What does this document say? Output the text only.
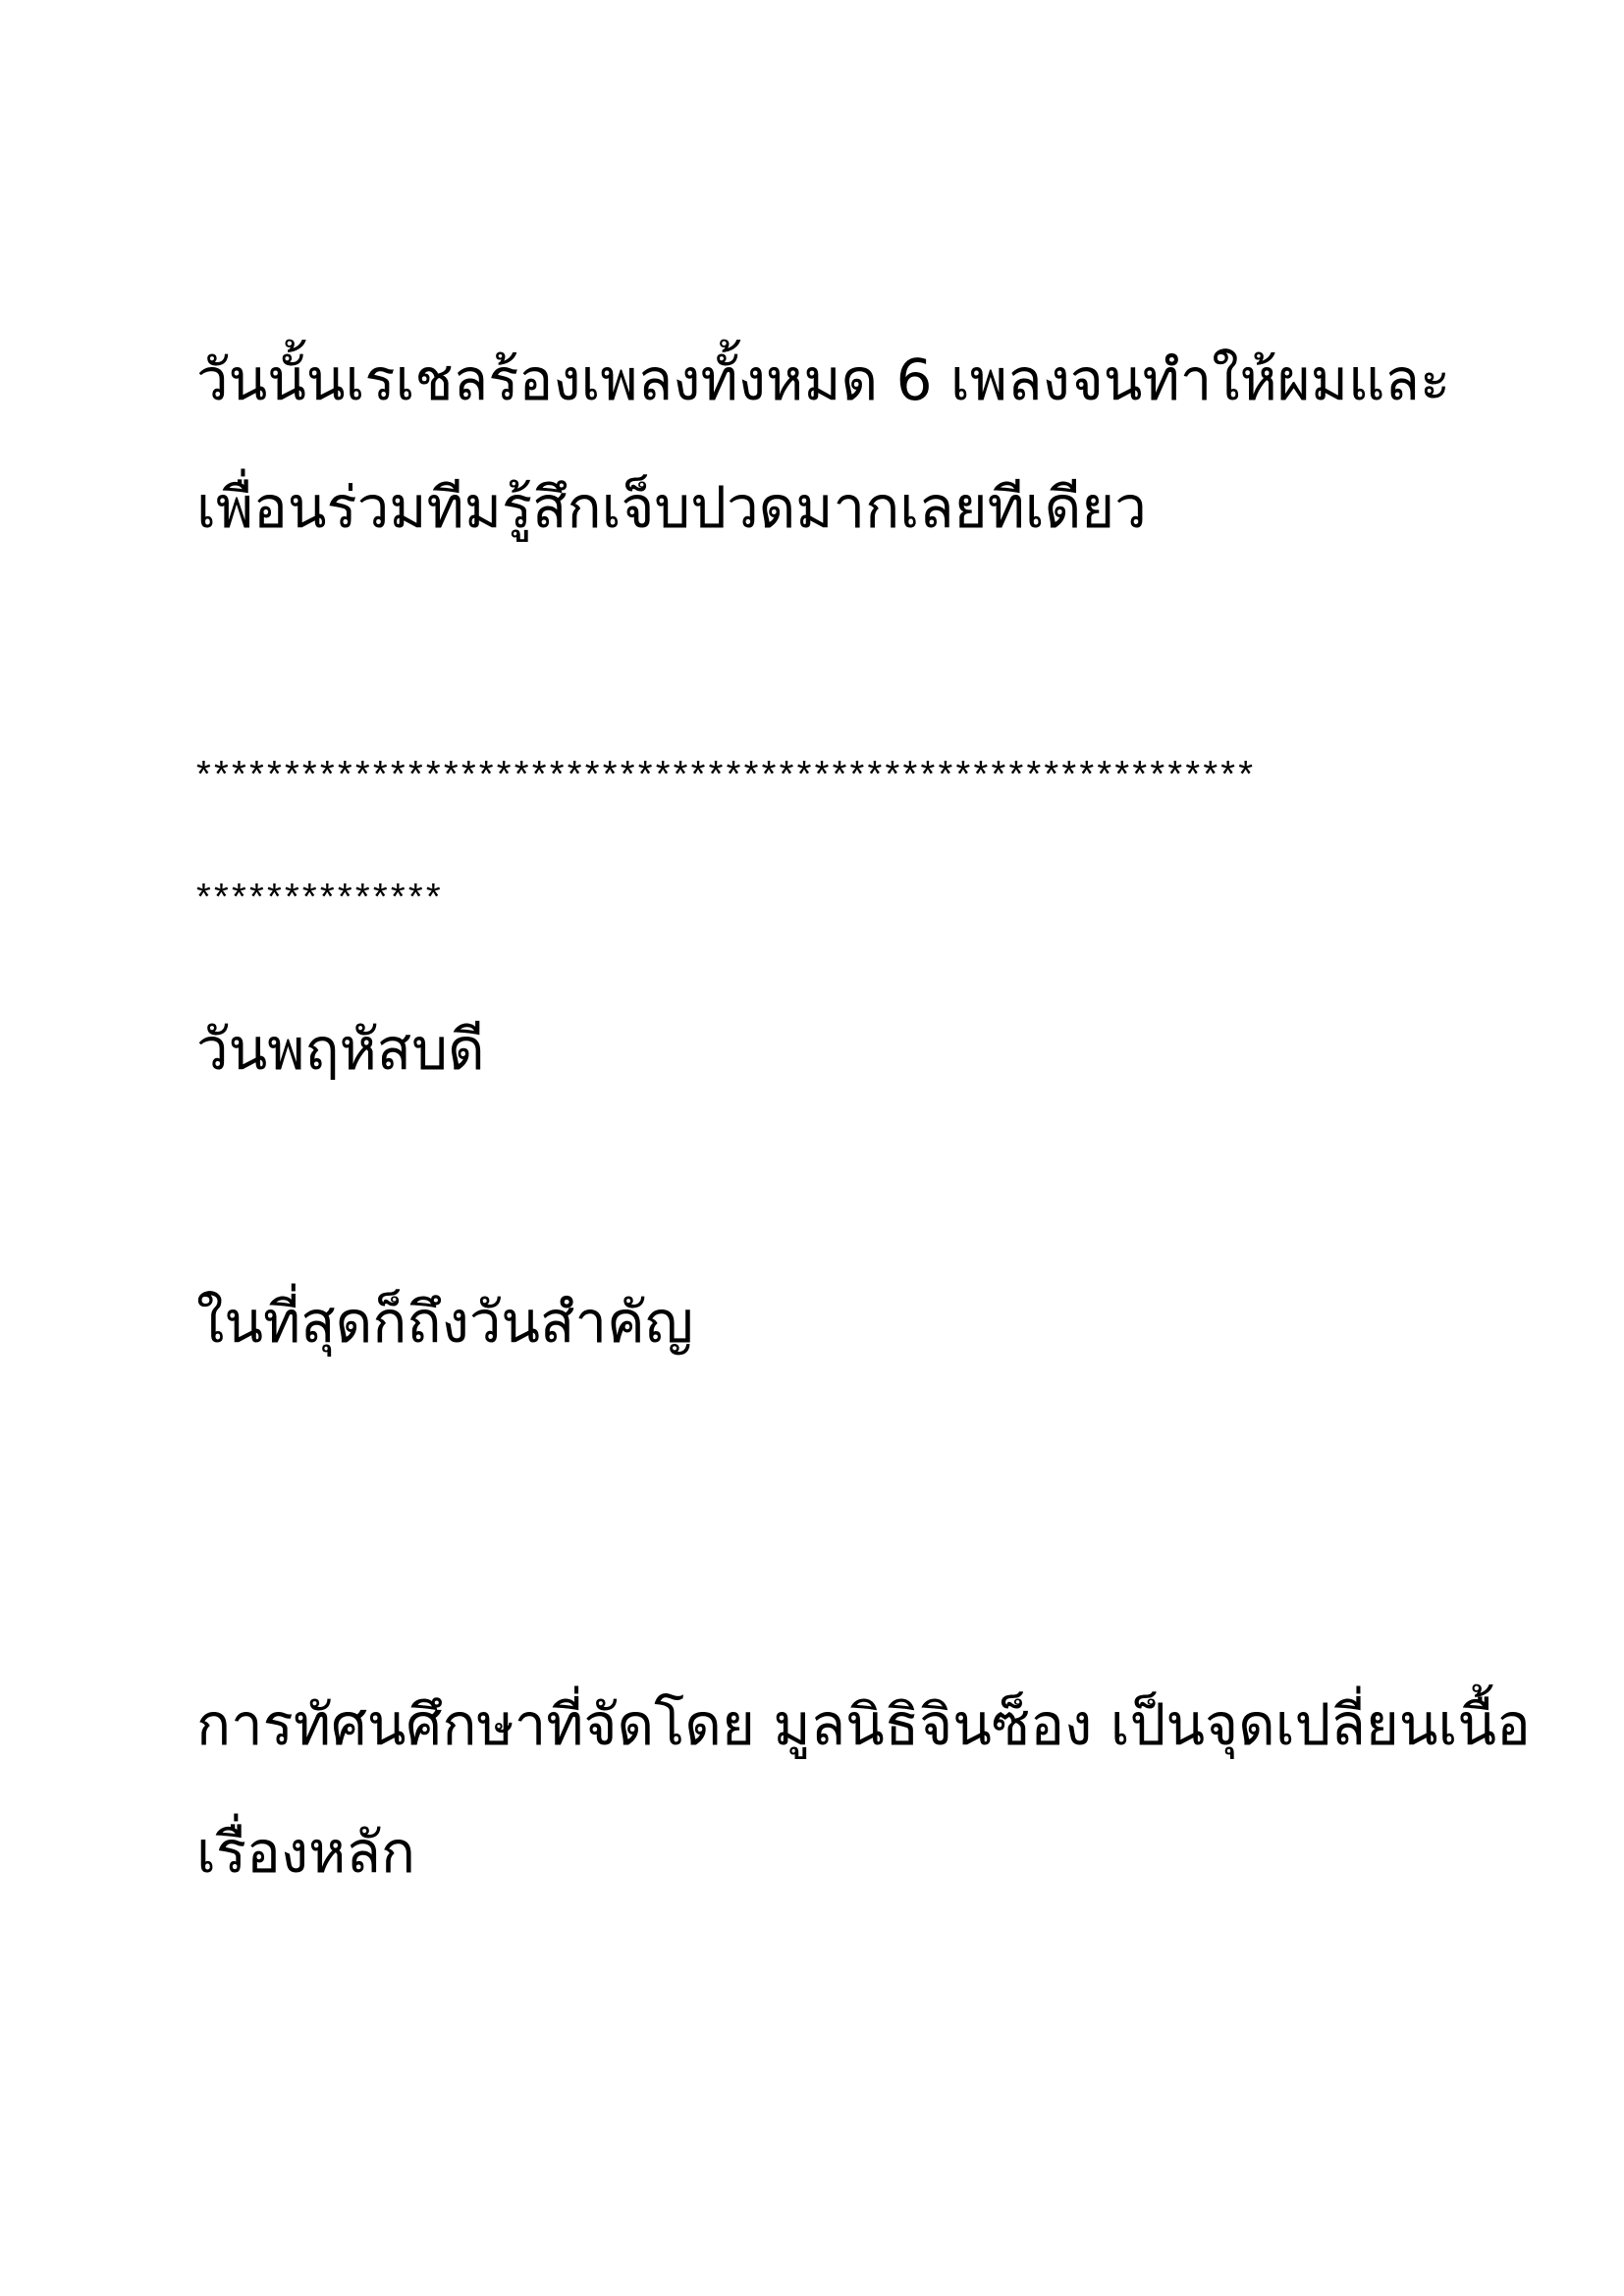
วันนั้นเรเชลร้องเพลงทั้งหมด 6 เพลงจนทำให้ผมและ

เพื่อนร่วมทีมรู้สึกเจ็บปวดมากเลยทีเดียว

************************************************************

**************

วันพฤหัสบดี

ในที่สุดก็ถึงวันสำคัญ

การทัศนศึกษาที่จัดโดย มูลนิธิจินซ็อง เป็นจุดเปลี่ยนเนื้อ

เรื่องหลัก
